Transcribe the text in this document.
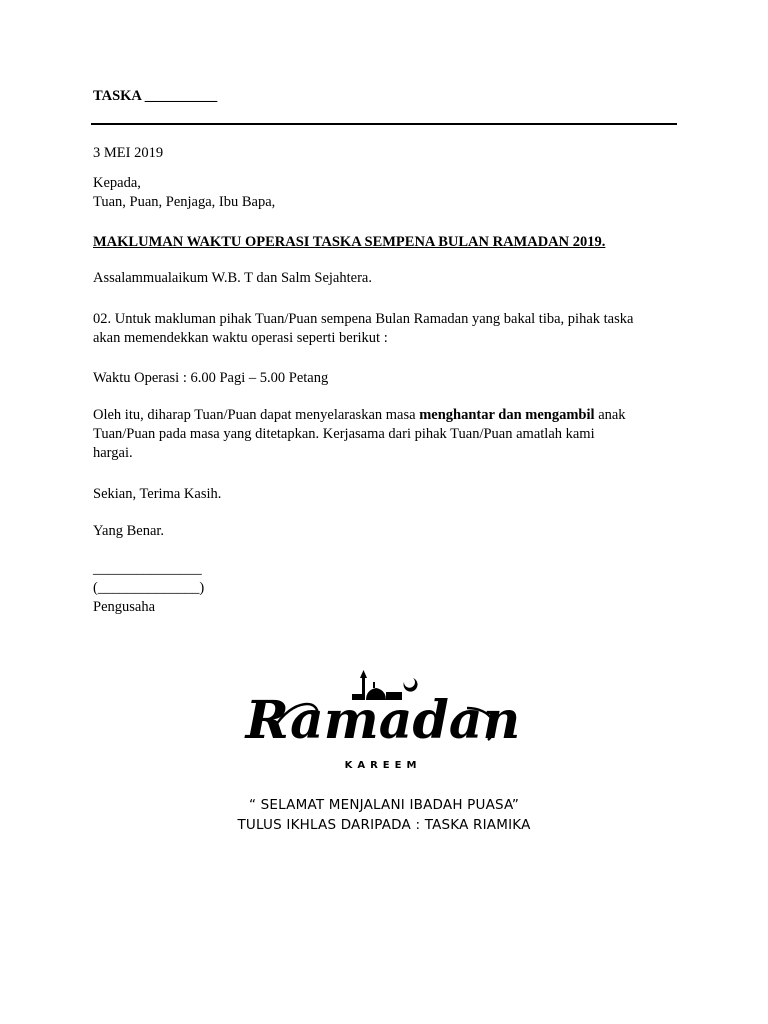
TASKA __________

3 MEI 2019

Kepada,
Tuan, Puan, Penjaga, Ibu Bapa,

MAKLUMAN WAKTU OPERASI TASKA SEMPENA BULAN RAMADAN 2019.

Assalammualaikum W.B. T dan Salm Sejahtera.

02. Untuk makluman pihak Tuan/Puan sempena Bulan Ramadan yang bakal tiba, pihak taska
akan memendekkan waktu operasi seperti berikut :

Waktu Operasi : 6.00 Pagi – 5.00 Petang

Oleh itu, diharap Tuan/Puan dapat menyelaraskan masa menghantar dan mengambil anak
Tuan/Puan pada masa yang ditetapkan. Kerjasama dari pihak Tuan/Puan amatlah kami
hargai.

Sekian, Terima Kasih.

Yang Benar.

_______________
(______________)
Pengusaha
Ramadan
KAREEM
“ SELAMAT MENJALANI IBADAH PUASA”
TULUS IKHLAS DARIPADA : TASKA RIAMIKA
